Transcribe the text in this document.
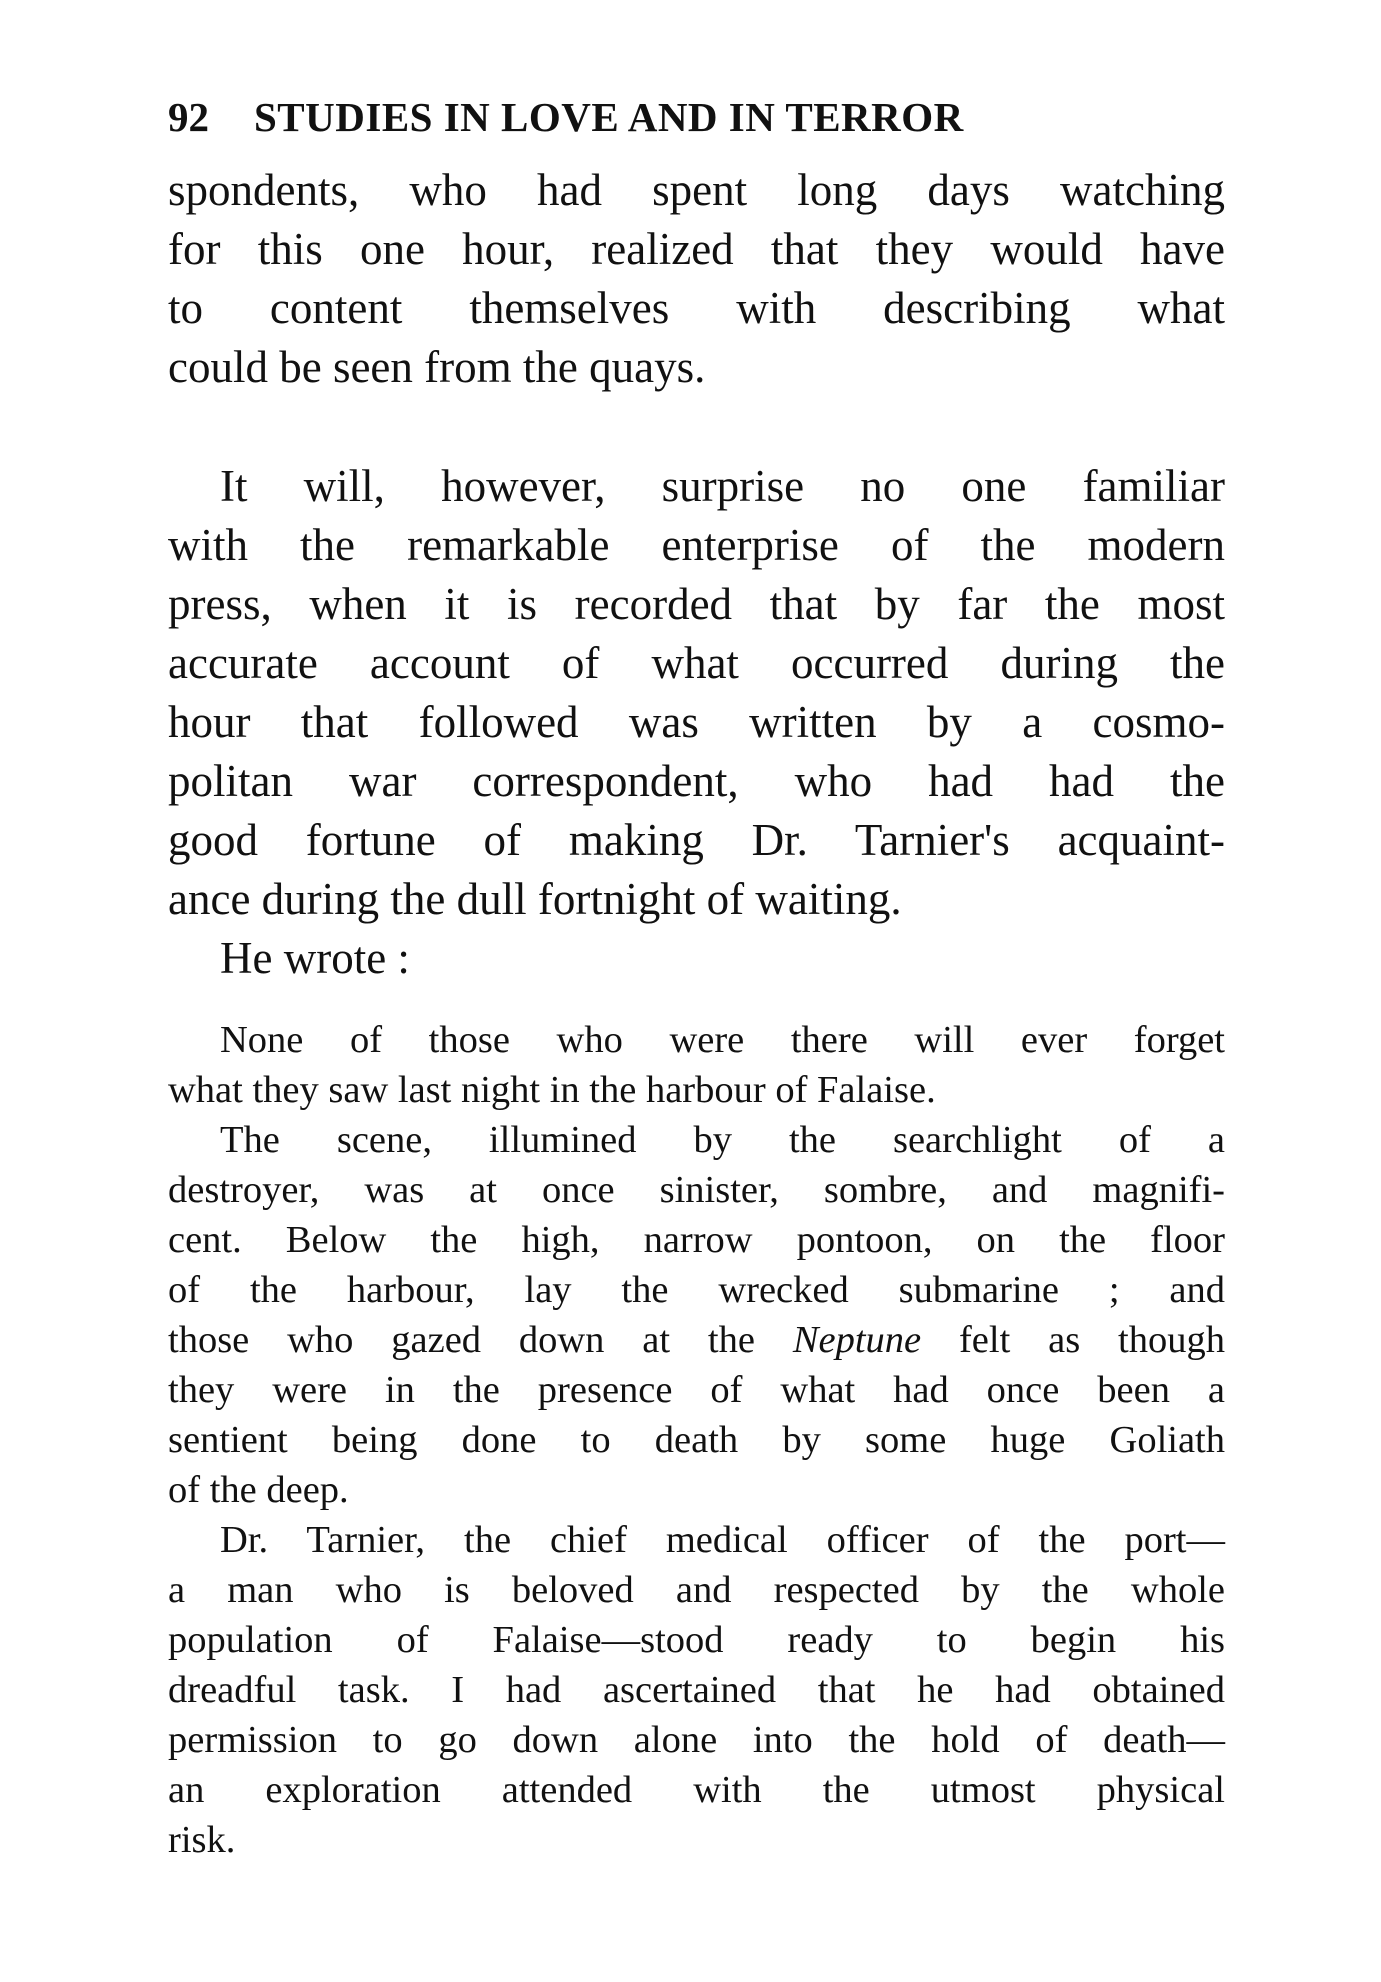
92 STUDIES IN LOVE AND IN TERROR
spondents, who had spent long days watching
for this one hour, realized that they would have
to content themselves with describing what
could be seen from the quays.
It will, however, surprise no one familiar
with the remarkable enterprise of the modern
press, when it is recorded that by far the most
accurate account of what occurred during the
hour that followed was written by a cosmo-
politan war correspondent, who had had the
good fortune of making Dr. Tarnier's acquaint-
ance during the dull fortnight of waiting.
He wrote :
None of those who were there will ever forget
what they saw last night in the harbour of Falaise.
The scene, illumined by the searchlight of a
destroyer, was at once sinister, sombre, and magnifi-
cent. Below the high, narrow pontoon, on the floor
of the harbour, lay the wrecked submarine ; and
those who gazed down at the Neptune felt as though
they were in the presence of what had once been a
sentient being done to death by some huge Goliath
of the deep.
Dr. Tarnier, the chief medical officer of the port—
a man who is beloved and respected by the whole
population of Falaise—stood ready to begin his
dreadful task. I had ascertained that he had obtained
permission to go down alone into the hold of death—
an exploration attended with the utmost physical
risk.
